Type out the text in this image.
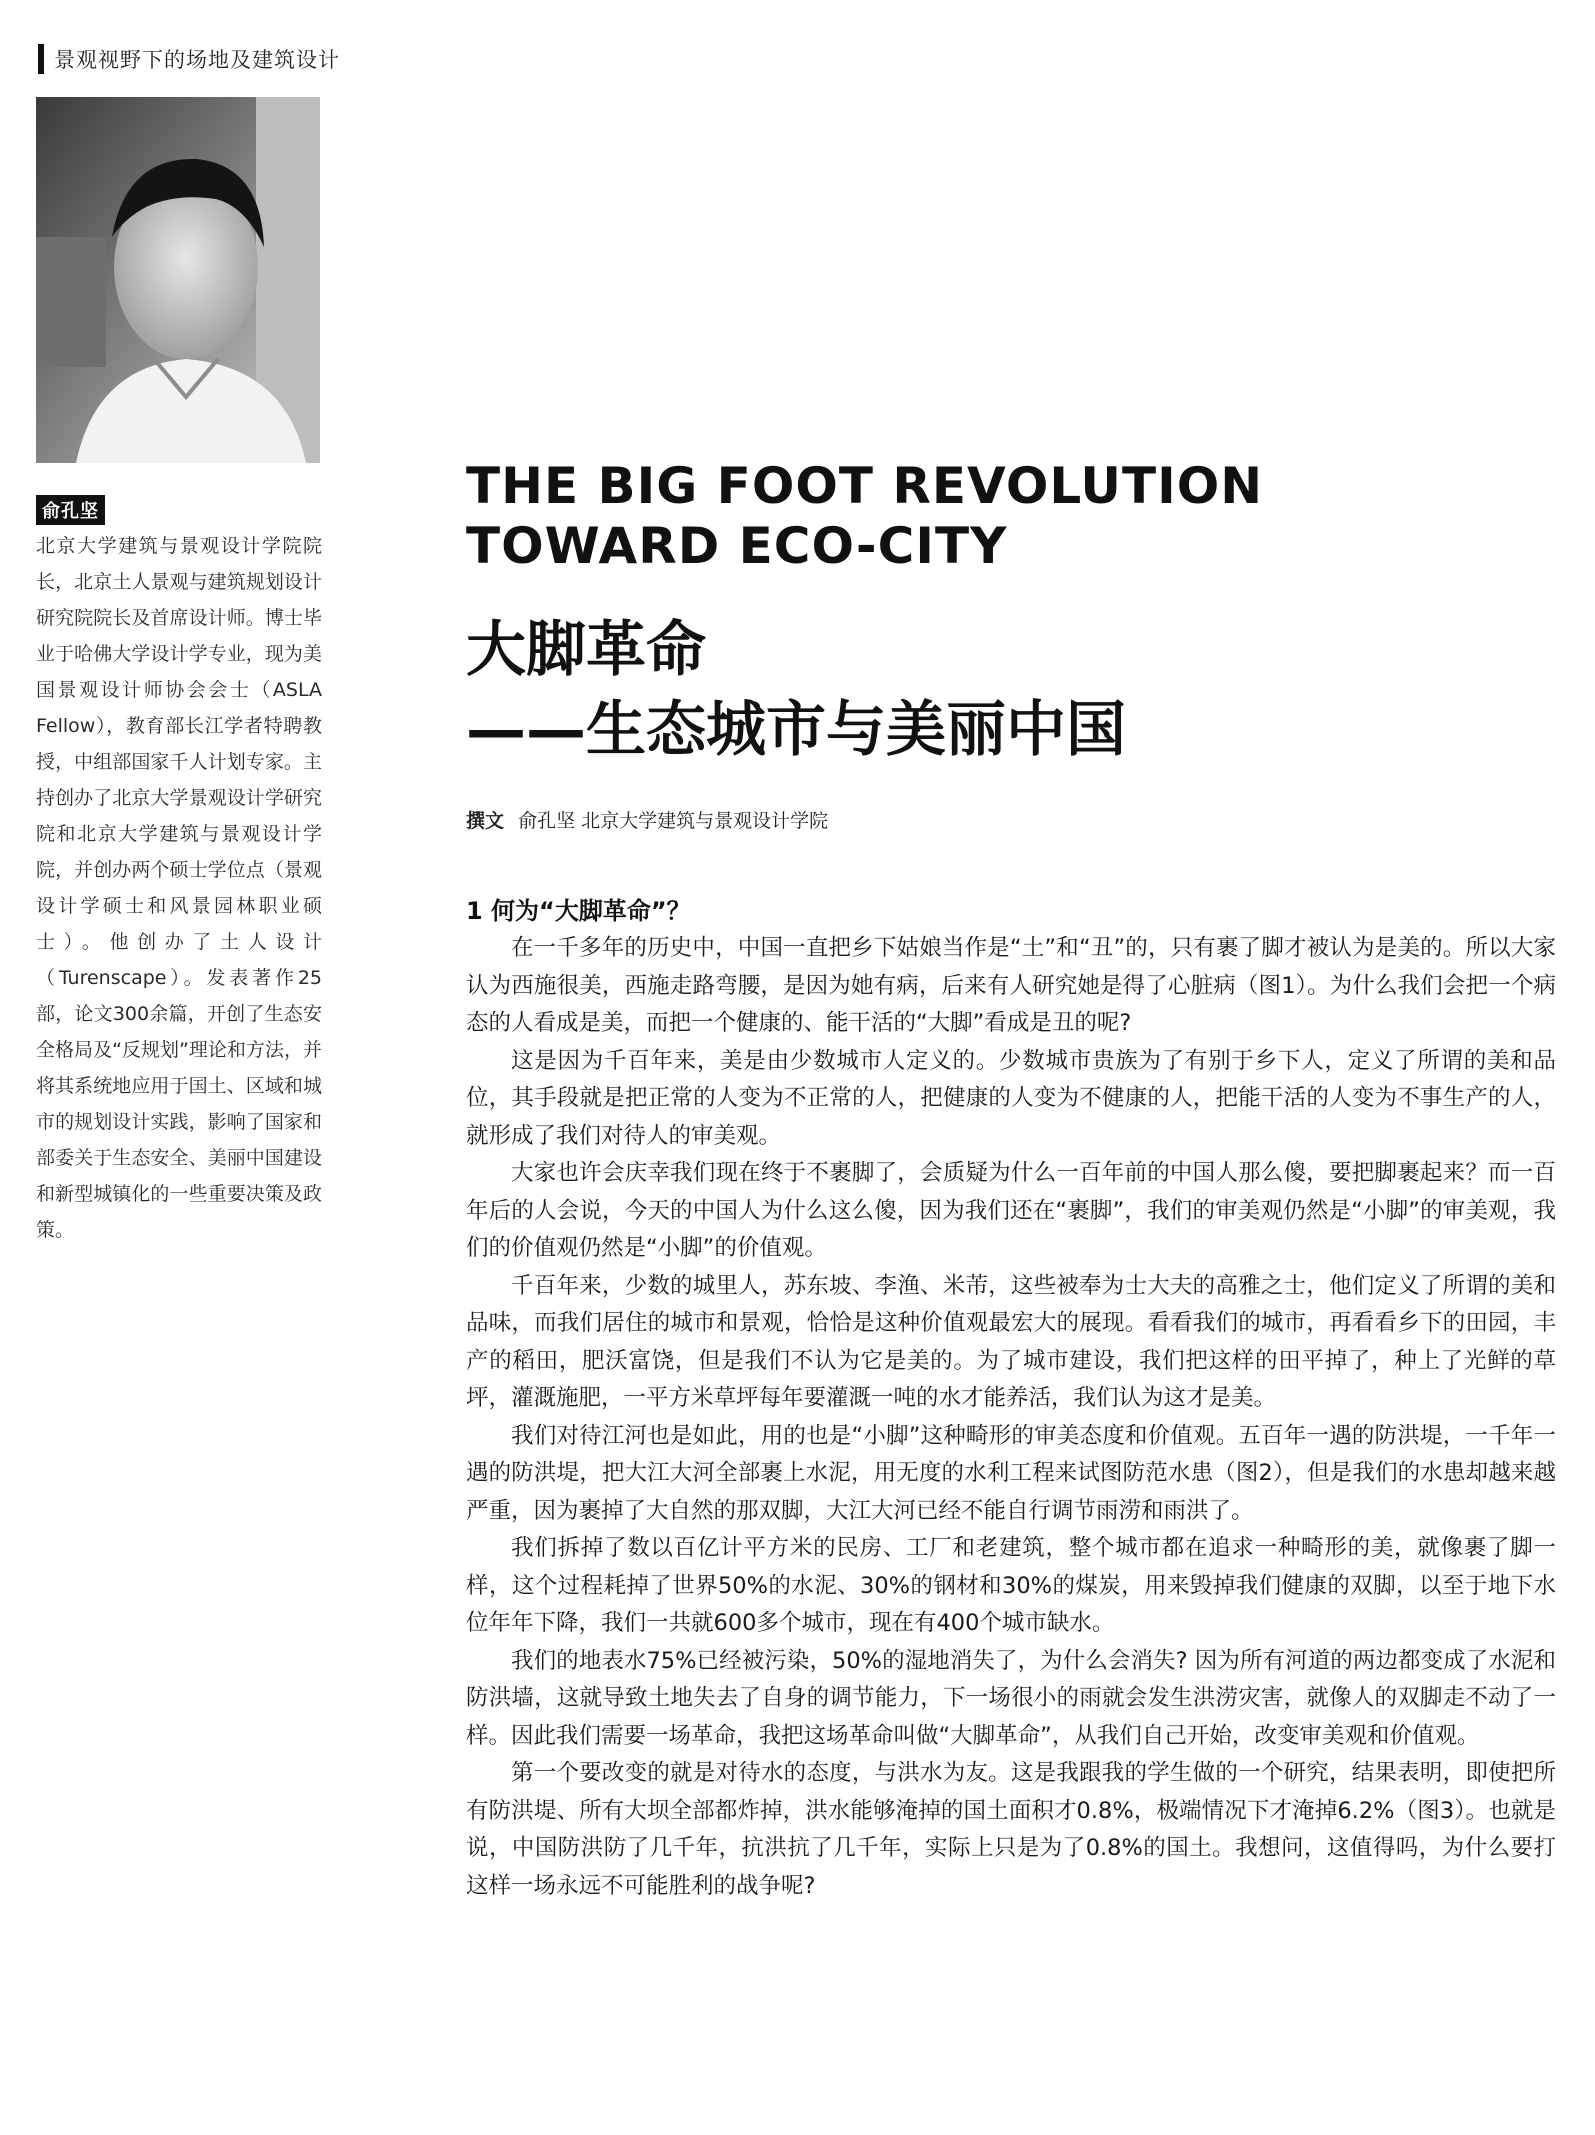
景观视野下的场地及建筑设计
俞孔坚
北京大学建筑与景观设计学院院长，北京土人景观与建筑规划设计研究院院长及首席设计师。博士毕业于哈佛大学设计学专业，现为美国景观设计师协会会士（ASLA Fellow），教育部长江学者特聘教授，中组部国家千人计划专家。主持创办了北京大学景观设计学研究院和北京大学建筑与景观设计学院，并创办两个硕士学位点（景观设计学硕士和风景园林职业硕士）。他创办了土人设计（Turenscape）。发表著作25部，论文300余篇，开创了生态安全格局及“反规划”理论和方法，并将其系统地应用于国土、区域和城市的规划设计实践，影响了国家和部委关于生态安全、美丽中国建设和新型城镇化的一些重要决策及政策。
THE BIG FOOT REVOLUTION
TOWARD ECO-CITY
大脚革命
——生态城市与美丽中国
撰文 俞孔坚 北京大学建筑与景观设计学院
1 何为“大脚革命”？

在一千多年的历史中，中国一直把乡下姑娘当作是“土”和“丑”的，只有裹了脚才被认为是美的。所以大家认为西施很美，西施走路弯腰，是因为她有病，后来有人研究她是得了心脏病（图1）。为什么我们会把一个病态的人看成是美，而把一个健康的、能干活的“大脚”看成是丑的呢?

这是因为千百年来，美是由少数城市人定义的。少数城市贵族为了有别于乡下人，定义了所谓的美和品位，其手段就是把正常的人变为不正常的人，把健康的人变为不健康的人，把能干活的人变为不事生产的人，就形成了我们对待人的审美观。

大家也许会庆幸我们现在终于不裹脚了，会质疑为什么一百年前的中国人那么傻，要把脚裹起来？而一百年后的人会说，今天的中国人为什么这么傻，因为我们还在“裹脚”，我们的审美观仍然是“小脚”的审美观，我们的价值观仍然是“小脚”的价值观。

千百年来，少数的城里人，苏东坡、李渔、米芾，这些被奉为士大夫的高雅之士，他们定义了所谓的美和品味，而我们居住的城市和景观，恰恰是这种价值观最宏大的展现。看看我们的城市，再看看乡下的田园，丰产的稻田，肥沃富饶，但是我们不认为它是美的。为了城市建设，我们把这样的田平掉了，种上了光鲜的草坪，灌溉施肥，一平方米草坪每年要灌溉一吨的水才能养活，我们认为这才是美。

我们对待江河也是如此，用的也是“小脚”这种畸形的审美态度和价值观。五百年一遇的防洪堤，一千年一遇的防洪堤，把大江大河全部裹上水泥，用无度的水利工程来试图防范水患（图2），但是我们的水患却越来越严重，因为裹掉了大自然的那双脚，大江大河已经不能自行调节雨涝和雨洪了。

我们拆掉了数以百亿计平方米的民房、工厂和老建筑，整个城市都在追求一种畸形的美，就像裹了脚一样，这个过程耗掉了世界50%的水泥、30%的钢材和30%的煤炭，用来毁掉我们健康的双脚，以至于地下水位年年下降，我们一共就600多个城市，现在有400个城市缺水。

我们的地表水75%已经被污染，50%的湿地消失了，为什么会消失? 因为所有河道的两边都变成了水泥和防洪墙，这就导致土地失去了自身的调节能力，下一场很小的雨就会发生洪涝灾害，就像人的双脚走不动了一样。因此我们需要一场革命，我把这场革命叫做“大脚革命”，从我们自己开始，改变审美观和价值观。

第一个要改变的就是对待水的态度，与洪水为友。这是我跟我的学生做的一个研究，结果表明，即使把所有防洪堤、所有大坝全部都炸掉，洪水能够淹掉的国土面积才0.8%，极端情况下才淹掉6.2%（图3）。也就是说，中国防洪防了几千年，抗洪抗了几千年，实际上只是为了0.8%的国土。我想问，这值得吗，为什么要打这样一场永远不可能胜利的战争呢?
